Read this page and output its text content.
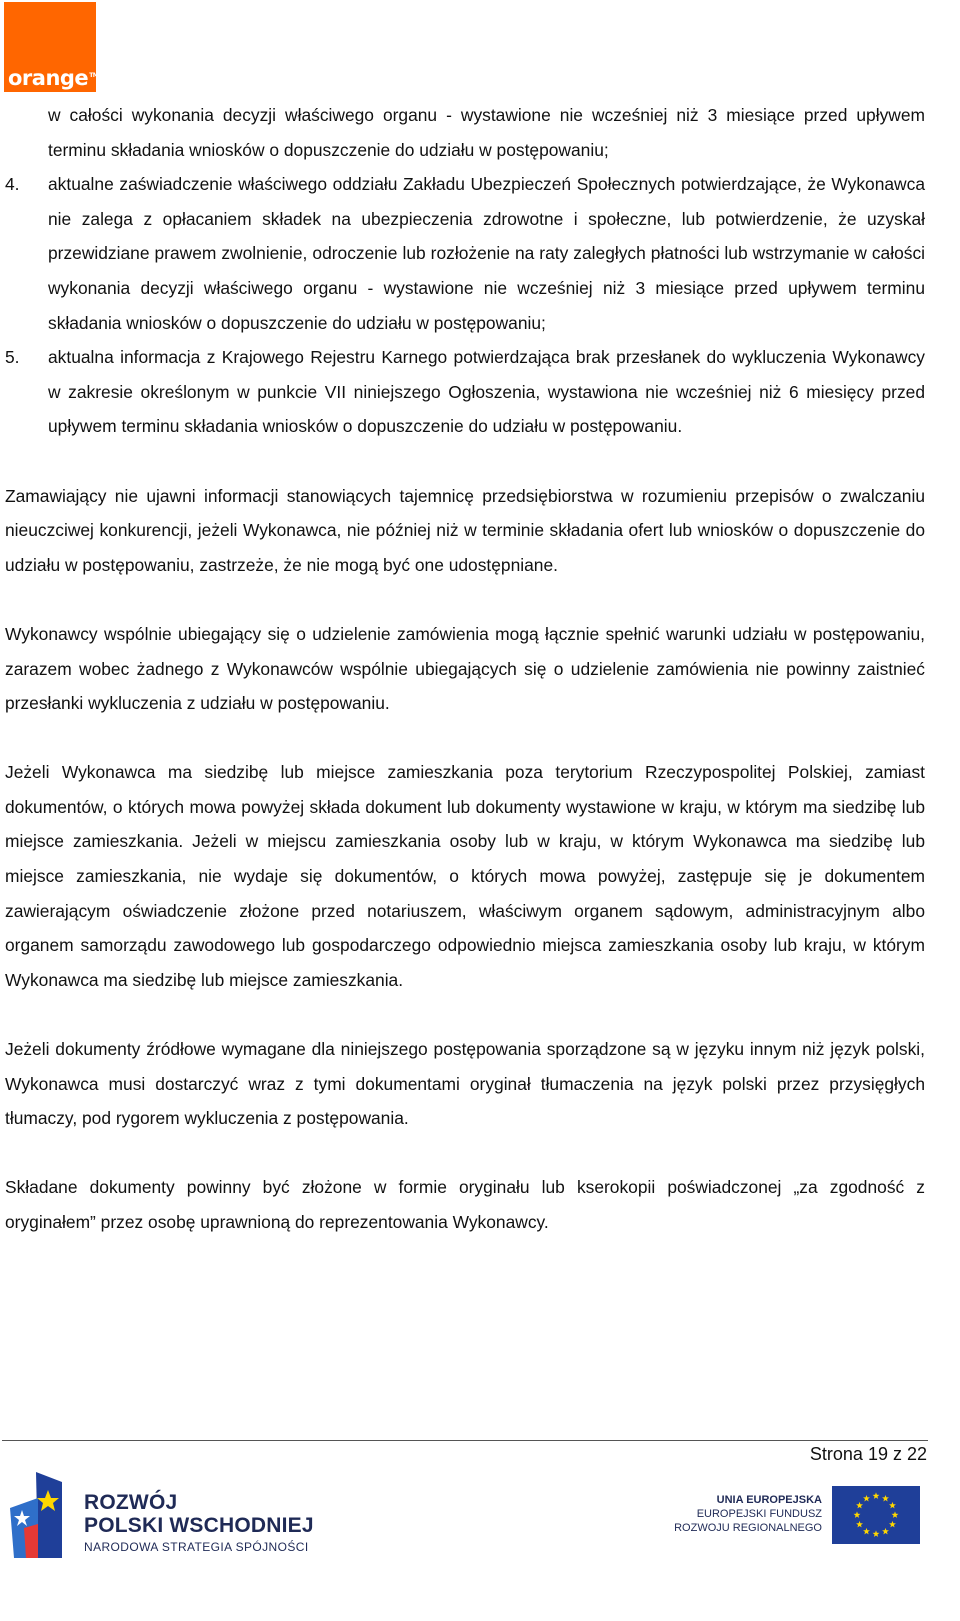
orange™
w całości wykonania decyzji właściwego organu - wystawione nie wcześniej niż 3 miesiące przed upływem terminu składania wniosków o dopuszczenie do udziału w postępowaniu;
4. aktualne zaświadczenie właściwego oddziału Zakładu Ubezpieczeń Społecznych potwierdzające, że Wykonawca nie zalega z opłacaniem składek na ubezpieczenia zdrowotne i społeczne, lub potwierdzenie, że uzyskał przewidziane prawem zwolnienie, odroczenie lub rozłożenie na raty zaległych płatności lub wstrzymanie w całości wykonania decyzji właściwego organu - wystawione nie wcześniej niż 3 miesiące przed upływem terminu składania wniosków o dopuszczenie do udziału w postępowaniu;
5. aktualna informacja z Krajowego Rejestru Karnego potwierdzająca brak przesłanek do wykluczenia Wykonawcy w zakresie określonym w punkcie VII niniejszego Ogłoszenia, wystawiona nie wcześniej niż 6 miesięcy przed upływem terminu składania wniosków o dopuszczenie do udziału w postępowaniu.

Zamawiający nie ujawni informacji stanowiących tajemnicę przedsiębiorstwa w rozumieniu przepisów o zwalczaniu nieuczciwej konkurencji, jeżeli Wykonawca, nie później niż w terminie składania ofert lub wniosków o dopuszczenie do udziału w postępowaniu, zastrzeże, że nie mogą być one udostępniane.

Wykonawcy wspólnie ubiegający się o udzielenie zamówienia mogą łącznie spełnić warunki udziału w postępowaniu, zarazem wobec żadnego z Wykonawców wspólnie ubiegających się o udzielenie zamówienia nie powinny zaistnieć przesłanki wykluczenia z udziału w postępowaniu.

Jeżeli Wykonawca ma siedzibę lub miejsce zamieszkania poza terytorium Rzeczypospolitej Polskiej, zamiast dokumentów, o których mowa powyżej składa dokument lub dokumenty wystawione w kraju, w którym ma siedzibę lub miejsce zamieszkania. Jeżeli w miejscu zamieszkania osoby lub w kraju, w którym Wykonawca ma siedzibę lub miejsce zamieszkania, nie wydaje się dokumentów, o których mowa powyżej, zastępuje się je dokumentem zawierającym oświadczenie złożone przed notariuszem, właściwym organem sądowym, administracyjnym albo organem samorządu zawodowego lub gospodarczego odpowiednio miejsca zamieszkania osoby lub kraju, w którym Wykonawca ma siedzibę lub miejsce zamieszkania.

Jeżeli dokumenty źródłowe wymagane dla niniejszego postępowania sporządzone są w języku innym niż język polski, Wykonawca musi dostarczyć wraz z tymi dokumentami oryginał tłumaczenia na język polski przez przysięgłych tłumaczy, pod rygorem wykluczenia z postępowania.

Składane dokumenty powinny być złożone w formie oryginału lub kserokopii poświadczonej „za zgodność z oryginałem” przez osobę uprawnioną do reprezentowania Wykonawcy.

Strona 19 z 22
ROZWÓJ
POLSKI WSCHODNIEJ
NARODOWA STRATEGIA SPÓJNOŚCI
UNIA EUROPEJSKA
EUROPEJSKI FUNDUSZ
ROZWOJU REGIONALNEGO
